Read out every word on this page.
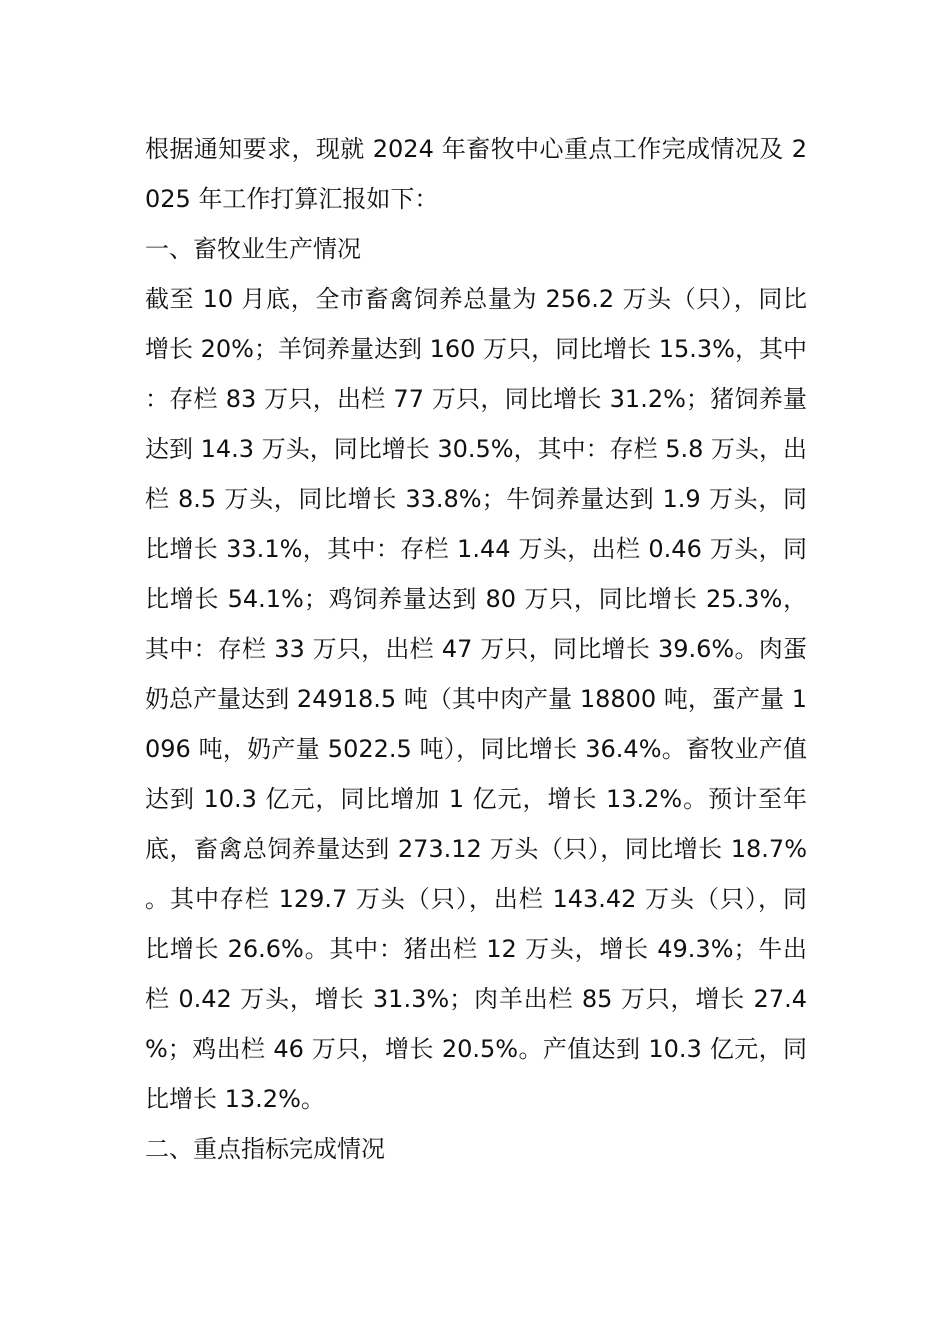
根据通知要求，现就 2024 年畜牧中心重点工作完成情况及 2025 年工作打算汇报如下：

一、畜牧业生产情况

截至 10 月底，全市畜禽饲养总量为 256.2 万头（只），同比增长 20%；羊饲养量达到 160 万只，同比增长 15.3%，其中：存栏 83 万只，出栏 77 万只，同比增长 31.2%；猪饲养量达到 14.3 万头，同比增长 30.5%，其中：存栏 5.8 万头，出栏 8.5 万头，同比增长 33.8%；牛饲养量达到 1.9 万头，同比增长 33.1%，其中：存栏 1.44 万头，出栏 0.46 万头，同比增长 54.1%；鸡饲养量达到 80 万只，同比增长 25.3%，其中：存栏 33 万只，出栏 47 万只，同比增长 39.6%。肉蛋奶总产量达到 24918.5 吨（其中肉产量 18800 吨，蛋产量 1096 吨，奶产量 5022.5 吨），同比增长 36.4%。畜牧业产值达到 10.3 亿元，同比增加 1 亿元，增长 13.2%。预计至年底，畜禽总饲养量达到 273.12 万头（只），同比增长 18.7%。其中存栏 129.7 万头（只），出栏 143.42 万头（只），同比增长 26.6%。其中：猪出栏 12 万头，增长 49.3%；牛出栏 0.42 万头，增长 31.3%；肉羊出栏 85 万只，增长 27.4%；鸡出栏 46 万只，增长 20.5%。产值达到 10.3 亿元，同比增长 13.2%。

二、重点指标完成情况
